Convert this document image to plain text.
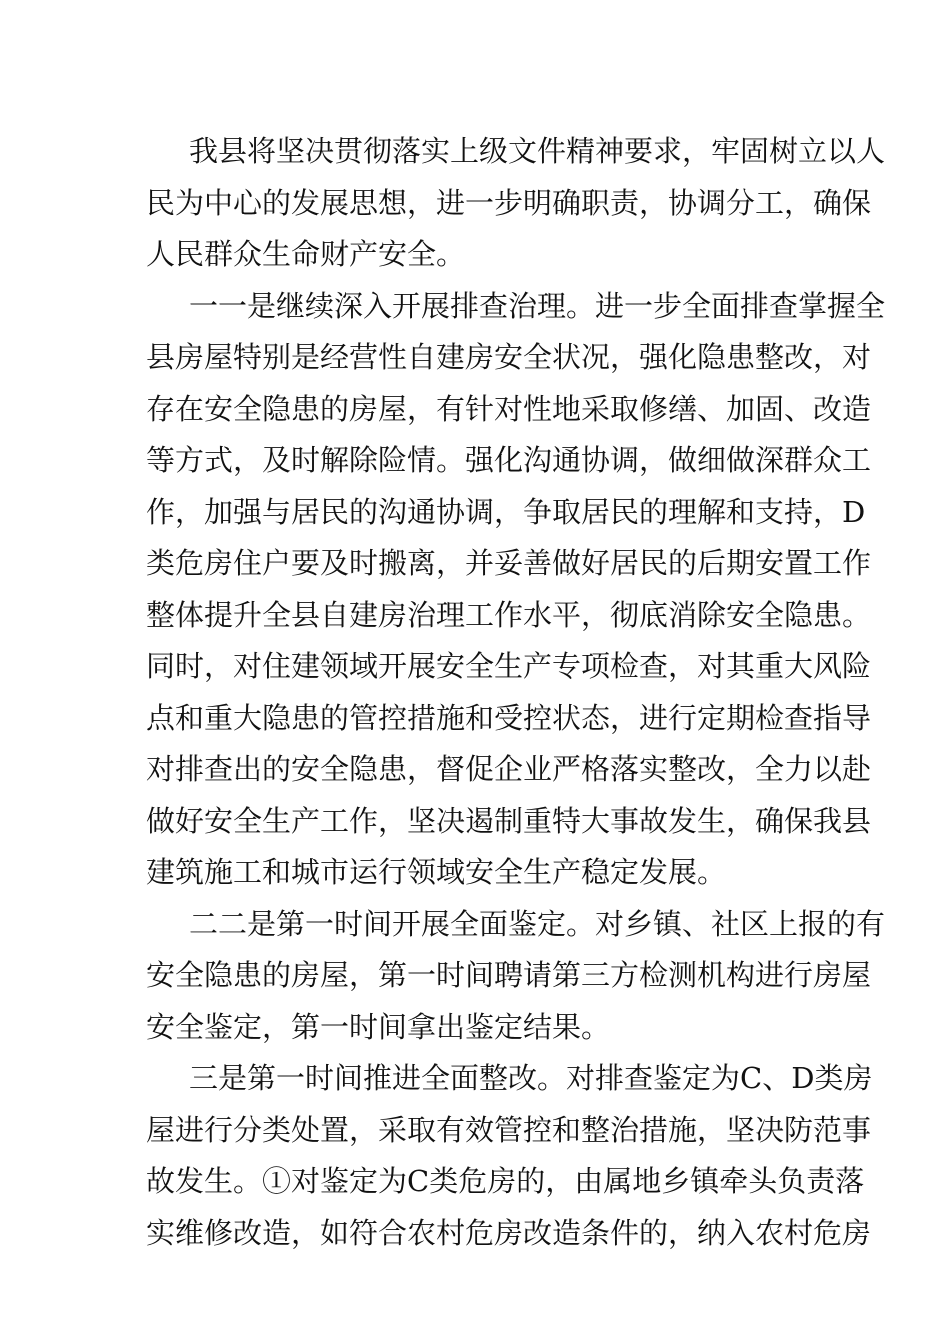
我县将坚决贯彻落实上级文件精神要求，牢固树立以人
民为中心的发展思想，进一步明确职责，协调分工，确保
人民群众生命财产安全。
一一是继续深入开展排查治理。进一步全面排查掌握全
县房屋特别是经营性自建房安全状况，强化隐患整改，对
存在安全隐患的房屋，有针对性地采取修缮、加固、改造
等方式，及时解除险情。强化沟通协调，做细做深群众工
作，加强与居民的沟通协调，争取居民的理解和支持，D
类危房住户要及时搬离，并妥善做好居民的后期安置工作
整体提升全县自建房治理工作水平，彻底消除安全隐患。
同时，对住建领域开展安全生产专项检查，对其重大风险
点和重大隐患的管控措施和受控状态，进行定期检查指导
对排查出的安全隐患，督促企业严格落实整改，全力以赴
做好安全生产工作，坚决遏制重特大事故发生，确保我县
建筑施工和城市运行领域安全生产稳定发展。
二二是第一时间开展全面鉴定。对乡镇、社区上报的有
安全隐患的房屋，第一时间聘请第三方检测机构进行房屋
安全鉴定，第一时间拿出鉴定结果。
三是第一时间推进全面整改。对排查鉴定为C、D类房
屋进行分类处置，采取有效管控和整治措施，坚决防范事
故发生。①对鉴定为C类危房的，由属地乡镇牵头负责落
实维修改造，如符合农村危房改造条件的，纳入农村危房
